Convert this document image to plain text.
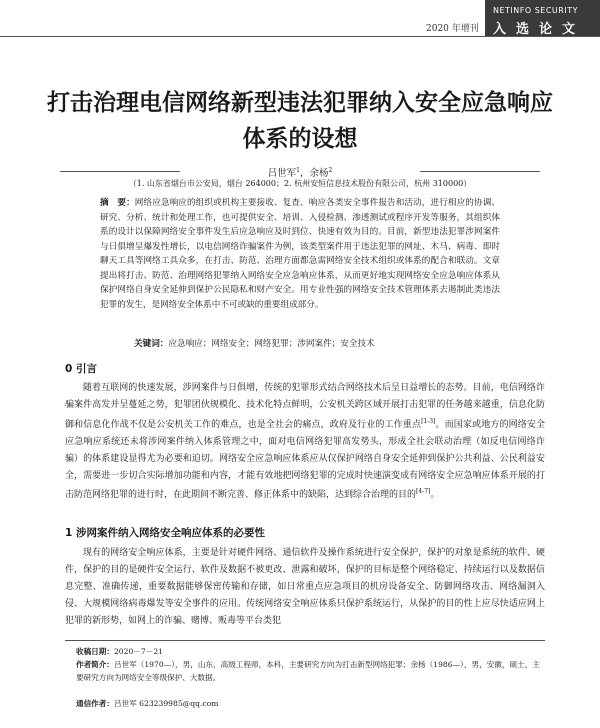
2020 年增刊
NETINFO SECURITY
入选论文
打击治理电信网络新型违法犯罪纳入安全应急响应体系的设想
吕世军$^1$，余杨$^2$
（1. 山东省烟台市公安局，烟台 264000；2. 杭州安恒信息技术股份有限公司，杭州 310000）
摘　要：网络应急响应的组织或机构主要接收、复查、响应各类安全事件报告和活动，进行相应的协调、研究、分析、统计和处理工作，也可提供安全、培训、入侵检测、渗透测试或程序开发等服务，其组织体系的设计以保障网络安全事件发生后应急响应及时到位、快速有效为目的。目前，新型违法犯罪涉网案件与日俱增呈爆发性增长，以电信网络诈骗案件为例，该类型案件用于违法犯罪的网址、木马、病毒、即时聊天工具等网络工具众多，在打击、防范、治理方面都急需网络安全技术组织或体系的配合和联动。文章提出将打击、防范、治理网络犯罪纳入网络安全应急响应体系，从而更好地实现网络安全应急响应体系从保护网络自身安全延伸到保护公民隐私和财产安全。用专业性强的网络安全技术管理体系去遏制此类违法犯罪的发生，是网络安全体系中不可或缺的重要组成部分。
关键词：应急响应；网络安全；网络犯罪；涉网案件；安全技术
0 引言
随着互联网的快速发展，涉网案件与日俱增，传统的犯罪形式结合网络技术后呈日益增长的态势。目前，电信网络诈骗案件高发并呈蔓延之势，犯罪团伙规模化、技术化特点鲜明，公安机关跨区域开展打击犯罪的任务越来越重，信息化防御和信息化作战不仅是公安机关工作的难点，也是全社会的痛点，政府及行业的工作重点[1-3]。而国家或地方的网络安全应急响应系统还未将涉网案件纳入体系管理之中，面对电信网络犯罪高发势头，形成全社会联动治理（如反电信网络诈骗）的体系建设显得尤为必要和迫切。网络安全应急响应体系应从仅保护网络自身安全延伸到保护公共利益、公民利益安全，需要进一步切合实际增加功能和内容，才能有效地把网络犯罪的完成时快速演变成有网络安全应急响应体系开展的打击防范网络犯罪的进行时，在此期间不断完善、修正体系中的缺陷，达到综合治理的目的[4-7]。
1 涉网案件纳入网络安全响应体系的必要性
现有的网络安全响应体系，主要是针对硬件网络、通信软件及操作系统进行安全保护，保护的对象是系统的软件、硬件，保护的目的是硬件安全运行、软件及数据不被更改、泄露和破坏，保护的目标是整个网络稳定、持续运行以及数据信息完整、准确传递，重要数据能够保密传输和存储，如日常重点应急项目的机房设备安全、防御网络攻击、网络漏洞入侵、大规模网络病毒爆发等安全事件的应用。传统网络安全响应体系只保护系统运行，从保护的目的性上应尽快适应网上犯罪的新形势，如网上的诈骗、赌博、贩毒等平台类犯
收稿日期：2020－7－21
作者简介：吕世军（1970—），男，山东，高级工程师，本科，主要研究方向为打击新型网络犯罪；余杨（1986—），男，安徽，硕士，主要研究方向为网络安全等级保护、大数据。
通信作者：吕世军 623239985@qq.com
